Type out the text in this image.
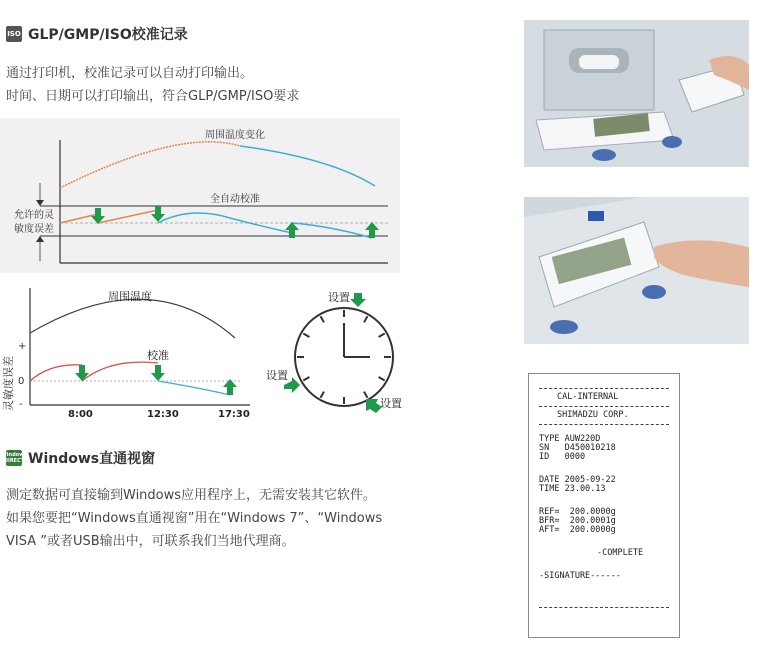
ISO GLP/GMP/ISO校准记录
通过打印机，校准记录可以自动打印输出。
时间、日期可以打印输出，符合GLP/GMP/ISO要求
周围温度变化
允许的灵
敏度误差
全自动校准
周围温度
+
0
-
灵敏度误差
校准
8:00	12:30	17:30
设置
设置
设置
Windows DIRECT Windows直通视窗
测定数据可直接输到Windows应用程序上，无需安装其它软件。
如果您要把“Windows直通视窗”用在“Windows 7”、“Windows
VISA ”或者USB输出中，可联系我们当地代理商。
CAL-INTERNAL
SHIMADZU CORP.
TYPE AUW220D
SN   D450010218
ID   0000
DATE 2005-09-22
TIME 23.00.13
REF=  200.0000g
BFR=  200.0001g
AFT=  200.0000g
-COMPLETE
-SIGNATURE------
